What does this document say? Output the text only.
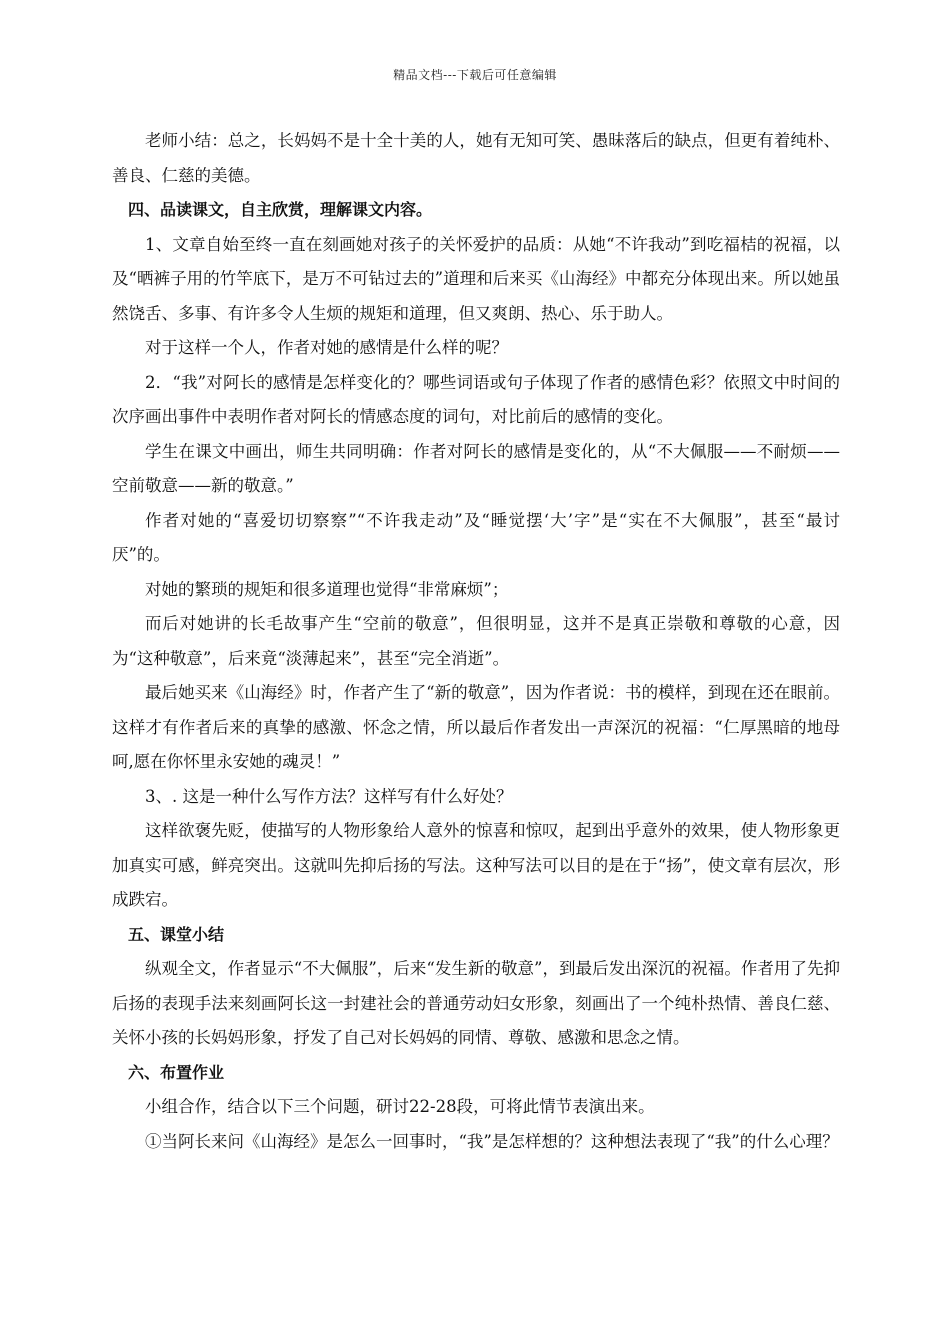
精品文档---下载后可任意编辑

老师小结：总之，长妈妈不是十全十美的人，她有无知可笑、愚昧落后的缺点，但更有着纯朴、善良、仁慈的美德。

四、品读课文，自主欣赏，理解课文内容。

1、文章自始至终一直在刻画她对孩子的关怀爱护的品质：从她“不许我动”到吃福桔的祝福，以及“晒裤子用的竹竿底下，是万不可钻过去的”道理和后来买《山海经》中都充分体现出来。所以她虽然饶舌、多事、有许多令人生烦的规矩和道理，但又爽朗、热心、乐于助人。

对于这样一个人，作者对她的感情是什么样的呢？

2．“我”对阿长的感情是怎样变化的？哪些词语或句子体现了作者的感情色彩？依照文中时间的次序画出事件中表明作者对阿长的情感态度的词句，对比前后的感情的变化。

学生在课文中画出，师生共同明确：作者对阿长的感情是变化的，从“不大佩服——不耐烦——空前敬意——新的敬意。”

作者对她的“喜爱切切察察”“不许我走动”及“睡觉摆‘大’字”是“实在不大佩服”，甚至“最讨厌”的。

对她的繁琐的规矩和很多道理也觉得“非常麻烦”；

而后对她讲的长毛故事产生“空前的敬意”，但很明显，这并不是真正崇敬和尊敬的心意，因为“这种敬意”，后来竟“淡薄起来”，甚至“完全消逝”。

最后她买来《山海经》时，作者产生了“新的敬意”，因为作者说：书的模样，到现在还在眼前。这样才有作者后来的真挚的感激、怀念之情，所以最后作者发出一声深沉的祝福：“仁厚黑暗的地母呵,愿在你怀里永安她的魂灵！”

3、. 这是一种什么写作方法？这样写有什么好处？

这样欲褒先贬，使描写的人物形象给人意外的惊喜和惊叹，起到出乎意外的效果，使人物形象更加真实可感，鲜亮突出。这就叫先抑后扬的写法。这种写法可以目的是在于“扬”，使文章有层次，形成跌宕。

五、课堂小结

纵观全文，作者显示“不大佩服”，后来“发生新的敬意”，到最后发出深沉的祝福。作者用了先抑后扬的表现手法来刻画阿长这一封建社会的普通劳动妇女形象，刻画出了一个纯朴热情、善良仁慈、关怀小孩的长妈妈形象，抒发了自己对长妈妈的同情、尊敬、感激和思念之情。

六、布置作业

小组合作，结合以下三个问题，研讨22-28段，可将此情节表演出来。

①当阿长来问《山海经》是怎么一回事时，“我”是怎样想的？这种想法表现了“我”的什么心理？
